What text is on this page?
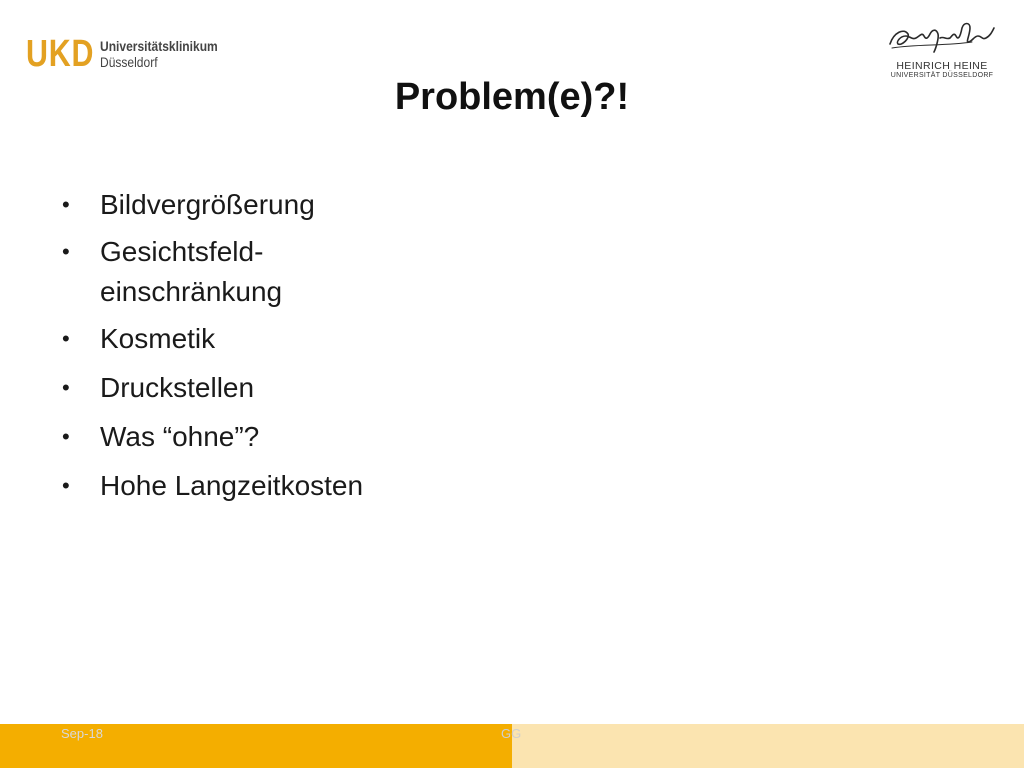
UKD Universitätsklinikum
Düsseldorf	HEINRICH HEINE
UNIVERSITÄT DÜSSELDORF
Problem(e)?!
• Bildvergrößerung
• Gesichtsfeld-
einschränkung
• Kosmetik
• Druckstellen
• Was “ohne”?
• Hohe Langzeitkosten
Sep-18	GG
